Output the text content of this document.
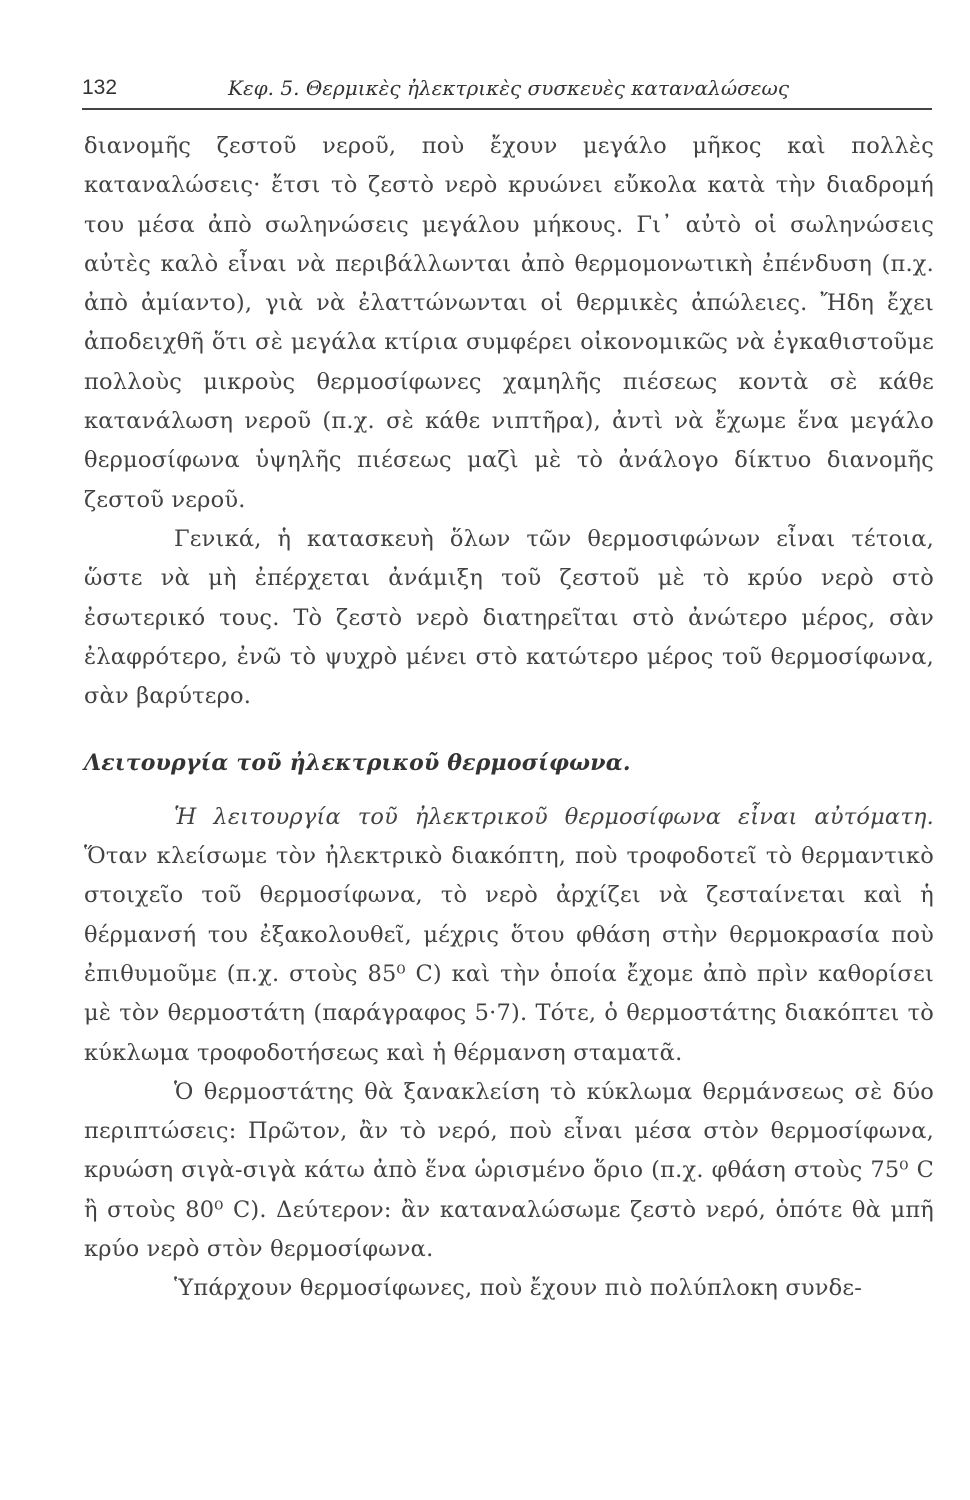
132	Κεφ. 5. Θερμικὲς ἠλεκτρικὲς συσκευὲς καταναλώσεως

διανομῆς ζεστοῦ νεροῦ, ποὺ ἔχουν μεγάλο μῆκος καὶ πολλὲς καταναλώσεις· ἔτσι τὸ ζεστὸ νερὸ κρυώνει εὔκολα κατὰ τὴν διαδρομή του μέσα ἀπὸ σωληνώσεις μεγάλου μήκους. Γι᾿ αὐτὸ οἱ σωληνώσεις αὐτὲς καλὸ εἶναι νὰ περιβάλλωνται ἀπὸ θερμομονωτικὴ ἐπένδυση (π.χ. ἀπὸ ἀμίαντο), γιὰ νὰ ἐλαττώνωνται οἱ θερμικὲς ἀπώλειες. Ἤδη ἔχει ἀποδειχθῆ ὅτι σὲ μεγάλα κτίρια συμφέρει οἰκονομικῶς νὰ ἐγκαθιστοῦμε πολλοὺς μικροὺς θερμοσίφωνες χαμηλῆς πιέσεως κοντὰ σὲ κάθε κατανάλωση νεροῦ (π.χ. σὲ κάθε νιπτῆρα), ἀντὶ νὰ ἔχωμε ἕνα μεγάλο θερμοσίφωνα ὑψηλῆς πιέσεως μαζὶ μὲ τὸ ἀνάλογο δίκτυο διανομῆς ζεστοῦ νεροῦ.

Γενικά, ἡ κατασκευὴ ὅλων τῶν θερμοσιφώνων εἶναι τέτοια, ὥστε νὰ μὴ ἐπέρχεται ἀνάμιξη τοῦ ζεστοῦ μὲ τὸ κρύο νερὸ στὸ ἐσωτερικό τους. Τὸ ζεστὸ νερὸ διατηρεῖται στὸ ἀνώτερο μέρος, σὰν ἐλαφρότερο, ἐνῶ τὸ ψυχρὸ μένει στὸ κατώτερο μέρος τοῦ θερμοσίφωνα, σὰν βαρύτερο.

Λειτουργία τοῦ ἠλεκτρικοῦ θερμοσίφωνα.

Ἡ λειτουργία τοῦ ἠλεκτρικοῦ θερμοσίφωνα εἶναι αὐτόματη. Ὅταν κλείσωμε τὸν ἠλεκτρικὸ διακόπτη, ποὺ τροφοδοτεῖ τὸ θερμαντικὸ στοιχεῖο τοῦ θερμοσίφωνα, τὸ νερὸ ἀρχίζει νὰ ζεσταίνεται καὶ ἡ θέρμανσή του ἐξακολουθεῖ, μέχρις ὅτου φθάση στὴν θερμοκρασία ποὺ ἐπιθυμοῦμε (π.χ. στοὺς 85⁰ C) καὶ τὴν ὁποία ἔχομε ἀπὸ πρὶν καθορίσει μὲ τὸν θερμοστάτη (παράγραφος 5·7). Τότε, ὁ θερμοστάτης διακόπτει τὸ κύκλωμα τροφοδοτήσεως καὶ ἡ θέρμανση σταματᾶ.

Ὁ θερμοστάτης θὰ ξανακλείση τὸ κύκλωμα θερμάνσεως σὲ δύο περιπτώσεις: Πρῶτον, ἂν τὸ νερό, ποὺ εἶναι μέσα στὸν θερμοσίφωνα, κρυώση σιγὰ-σιγὰ κάτω ἀπὸ ἕνα ὡρισμένο ὅριο (π.χ. φθάση στοὺς 75⁰ C ἢ στοὺς 80⁰ C). Δεύτερον: ἂν καταναλώσωμε ζεστὸ νερό, ὁπότε θὰ μπῆ κρύο νερὸ στὸν θερμοσίφωνα.

Ὑπάρχουν θερμοσίφωνες, ποὺ ἔχουν πιὸ πολύπλοκη συνδε-
